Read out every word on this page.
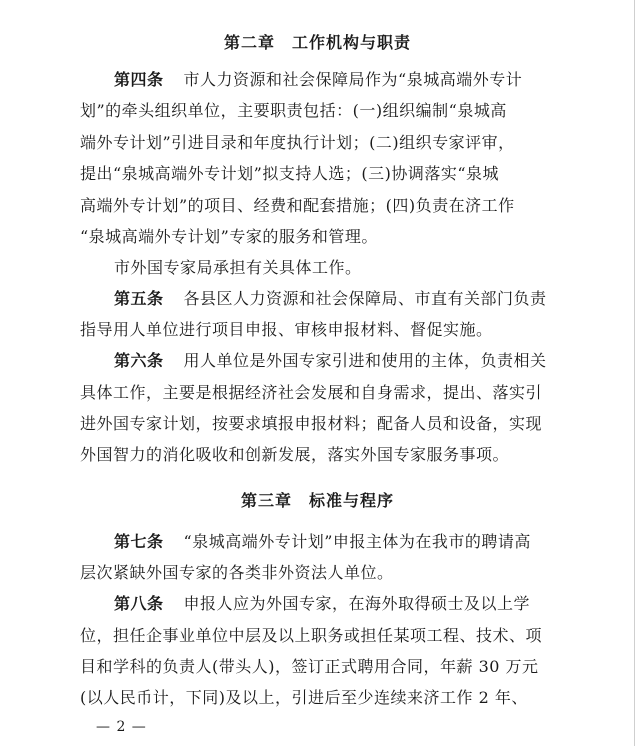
第二章　工作机构与职责
第四条 市人力资源和社会保障局作为“泉城高端外专计
划”的牵头组织单位，主要职责包括：(一)组织编制“泉城高
端外专计划”引进目录和年度执行计划；(二)组织专家评审，
提出“泉城高端外专计划”拟支持人选；(三)协调落实“泉城
高端外专计划”的项目、经费和配套措施；(四)负责在济工作
“泉城高端外专计划”专家的服务和管理。
市外国专家局承担有关具体工作。
第五条 各县区人力资源和社会保障局、市直有关部门负责
指导用人单位进行项目申报、审核申报材料、督促实施。
第六条 用人单位是外国专家引进和使用的主体，负责相关
具体工作，主要是根据经济社会发展和自身需求，提出、落实引
进外国专家计划，按要求填报申报材料；配备人员和设备，实现
外国智力的消化吸收和创新发展，落实外国专家服务事项。
第三章　标准与程序
第七条 “泉城高端外专计划”申报主体为在我市的聘请高
层次紧缺外国专家的各类非外资法人单位。
第八条 申报人应为外国专家，在海外取得硕士及以上学
位，担任企事业单位中层及以上职务或担任某项工程、技术、项
目和学科的负责人(带头人)，签订正式聘用合同，年薪 30 万元
(以人民币计，下同)及以上，引进后至少连续来济工作 2 年、
— 2 —
